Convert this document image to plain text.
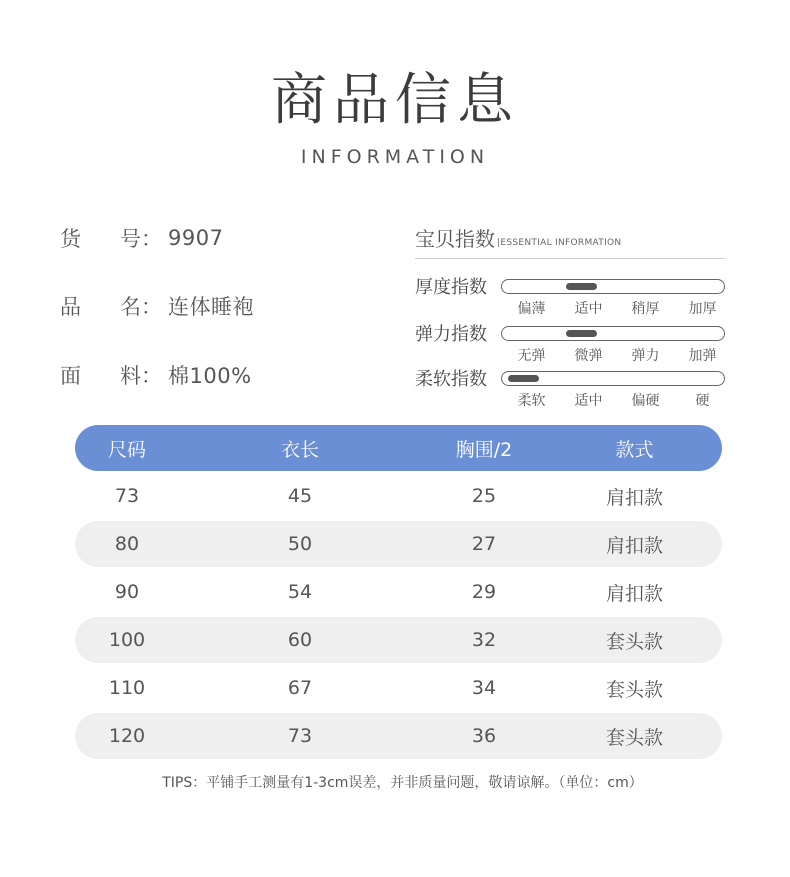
商品信息
INFORMATION
货	号： 9907
品	名： 连体睡袍
面	料： 棉100%
宝贝指数 |ESSENTIAL INFORMATION
厚度指数
偏薄	适中	稍厚	加厚
弹力指数
无弹	微弹	弹力	加弹
柔软指数
柔软	适中	偏硬	硬
尺码	衣长	胸围/2	款式
73	45	25	肩扣款
80	50	27	肩扣款
90	54	29	肩扣款
100	60	32	套头款
110	67	34	套头款
120	73	36	套头款
TIPS：平铺手工测量有1-3cm误差，并非质量问题，敬请谅解。（单位：cm）
